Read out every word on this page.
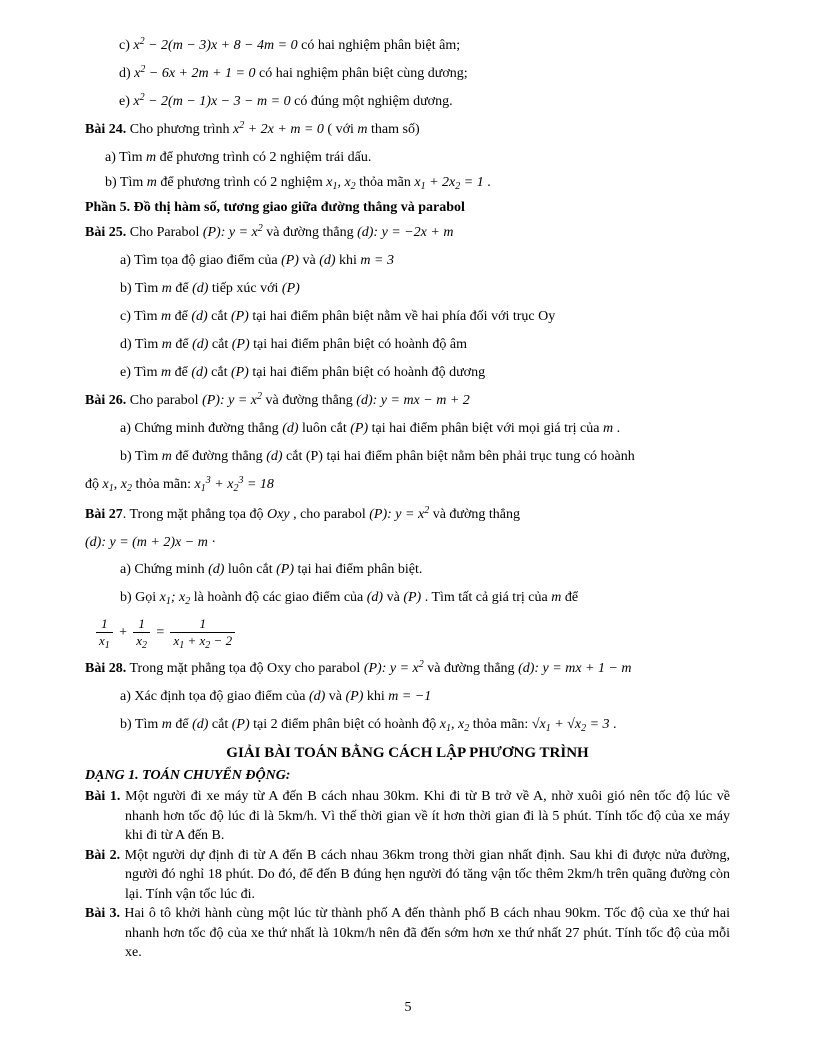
c) $x^2 - 2(m - 3)x + 8 - 4m = 0$ có hai nghiệm phân biệt âm;
d) $x^2 - 6x + 2m + 1 = 0$ có hai nghiệm phân biệt cùng dương;
e) $x^2 - 2(m - 1)x - 3 - m = 0$ có đúng một nghiệm dương.
Bài 24. Cho phương trình $x^2 + 2x + m = 0$ ( với m tham số)
a) Tìm m để phương trình có 2 nghiệm trái dấu.
b) Tìm m để phương trình có 2 nghiệm $x_1$, $x_2$ thỏa mãn $x_1 + 2x_2 = 1$ .
Phần 5. Đồ thị hàm số, tương giao giữa đường thẳng và parabol
Bài 25. Cho Parabol (P): $y = x^2$ và đường thẳng (d): y = −2x + m
a) Tìm tọa độ giao điểm của (P) và (d) khi m = 3
b) Tìm m để (d) tiếp xúc với (P)
c) Tìm m để (d) cắt (P) tại hai điểm phân biệt nằm về hai phía đối với trục Oy
d) Tìm m để (d) cắt (P) tại hai điểm phân biệt có hoành độ âm
e) Tìm m để (d) cắt (P) tại hai điểm phân biệt có hoành độ dương
Bài 26. Cho parabol (P): $y = x^2$ và đường thẳng (d): y = mx − m + 2
a) Chứng minh đường thẳng (d) luôn cắt (P) tại hai điểm phân biệt với mọi giá trị của m .
b) Tìm m để đường thẳng (d) cắt (P) tại hai điểm phân biệt nằm bên phải trục tung có hoành
độ $x_1$, $x_2$ thỏa mãn: $x_1^3 + x_2^3 = 18$
Bài 27. Trong mặt phẳng tọa độ Oxy , cho parabol (P): $y = x^2$ và đường thẳng
(d): y = (m + 2)x − m ·
a) Chứng minh (d) luôn cắt (P) tại hai điểm phân biệt.
b) Gọi $x_1$; $x_2$ là hoành độ các giao điểm của (d) và (P) . Tìm tất cả giá trị của m để
$\frac{1}{x_1} + \frac{1}{x_2} = \frac{1}{x_1 + x_2 - 2}$
Bài 28. Trong mặt phẳng tọa độ Oxy cho parabol (P): $y = x^2$ và đường thẳng (d): y = mx + 1 − m
a) Xác định tọa độ giao điểm của (d) và (P) khi m = −1
b) Tìm m để (d) cắt (P) tại 2 điểm phân biệt có hoành độ $x_1$, $x_2$ thỏa mãn: $√x_1 + √x_2 = 3$ .
GIẢI BÀI TOÁN BẰNG CÁCH LẬP PHƯƠNG TRÌNH
DẠNG 1. TOÁN CHUYỂN ĐỘNG:
Bài 1. Một người đi xe máy từ A đến B cách nhau 30km. Khi đi từ B trở về A, nhờ xuôi gió nên tốc độ lúc về nhanh hơn tốc độ lúc đi là 5km/h. Vì thế thời gian về ít hơn thời gian đi là 5 phút. Tính tốc độ của xe máy khi đi từ A đến B.
Bài 2. Một người dự định đi từ A đến B cách nhau 36km trong thời gian nhất định. Sau khi đi được nửa đường, người đó nghỉ 18 phút. Do đó, để đến B đúng hẹn người đó tăng vận tốc thêm 2km/h trên quãng đường còn lại. Tính vận tốc lúc đi.
Bài 3. Hai ô tô khởi hành cùng một lúc từ thành phố A đến thành phố B cách nhau 90km. Tốc độ của xe thứ hai nhanh hơn tốc độ của xe thứ nhất là 10km/h nên đã đến sớm hơn xe thứ nhất 27 phút. Tính tốc độ của mỗi xe.
5
